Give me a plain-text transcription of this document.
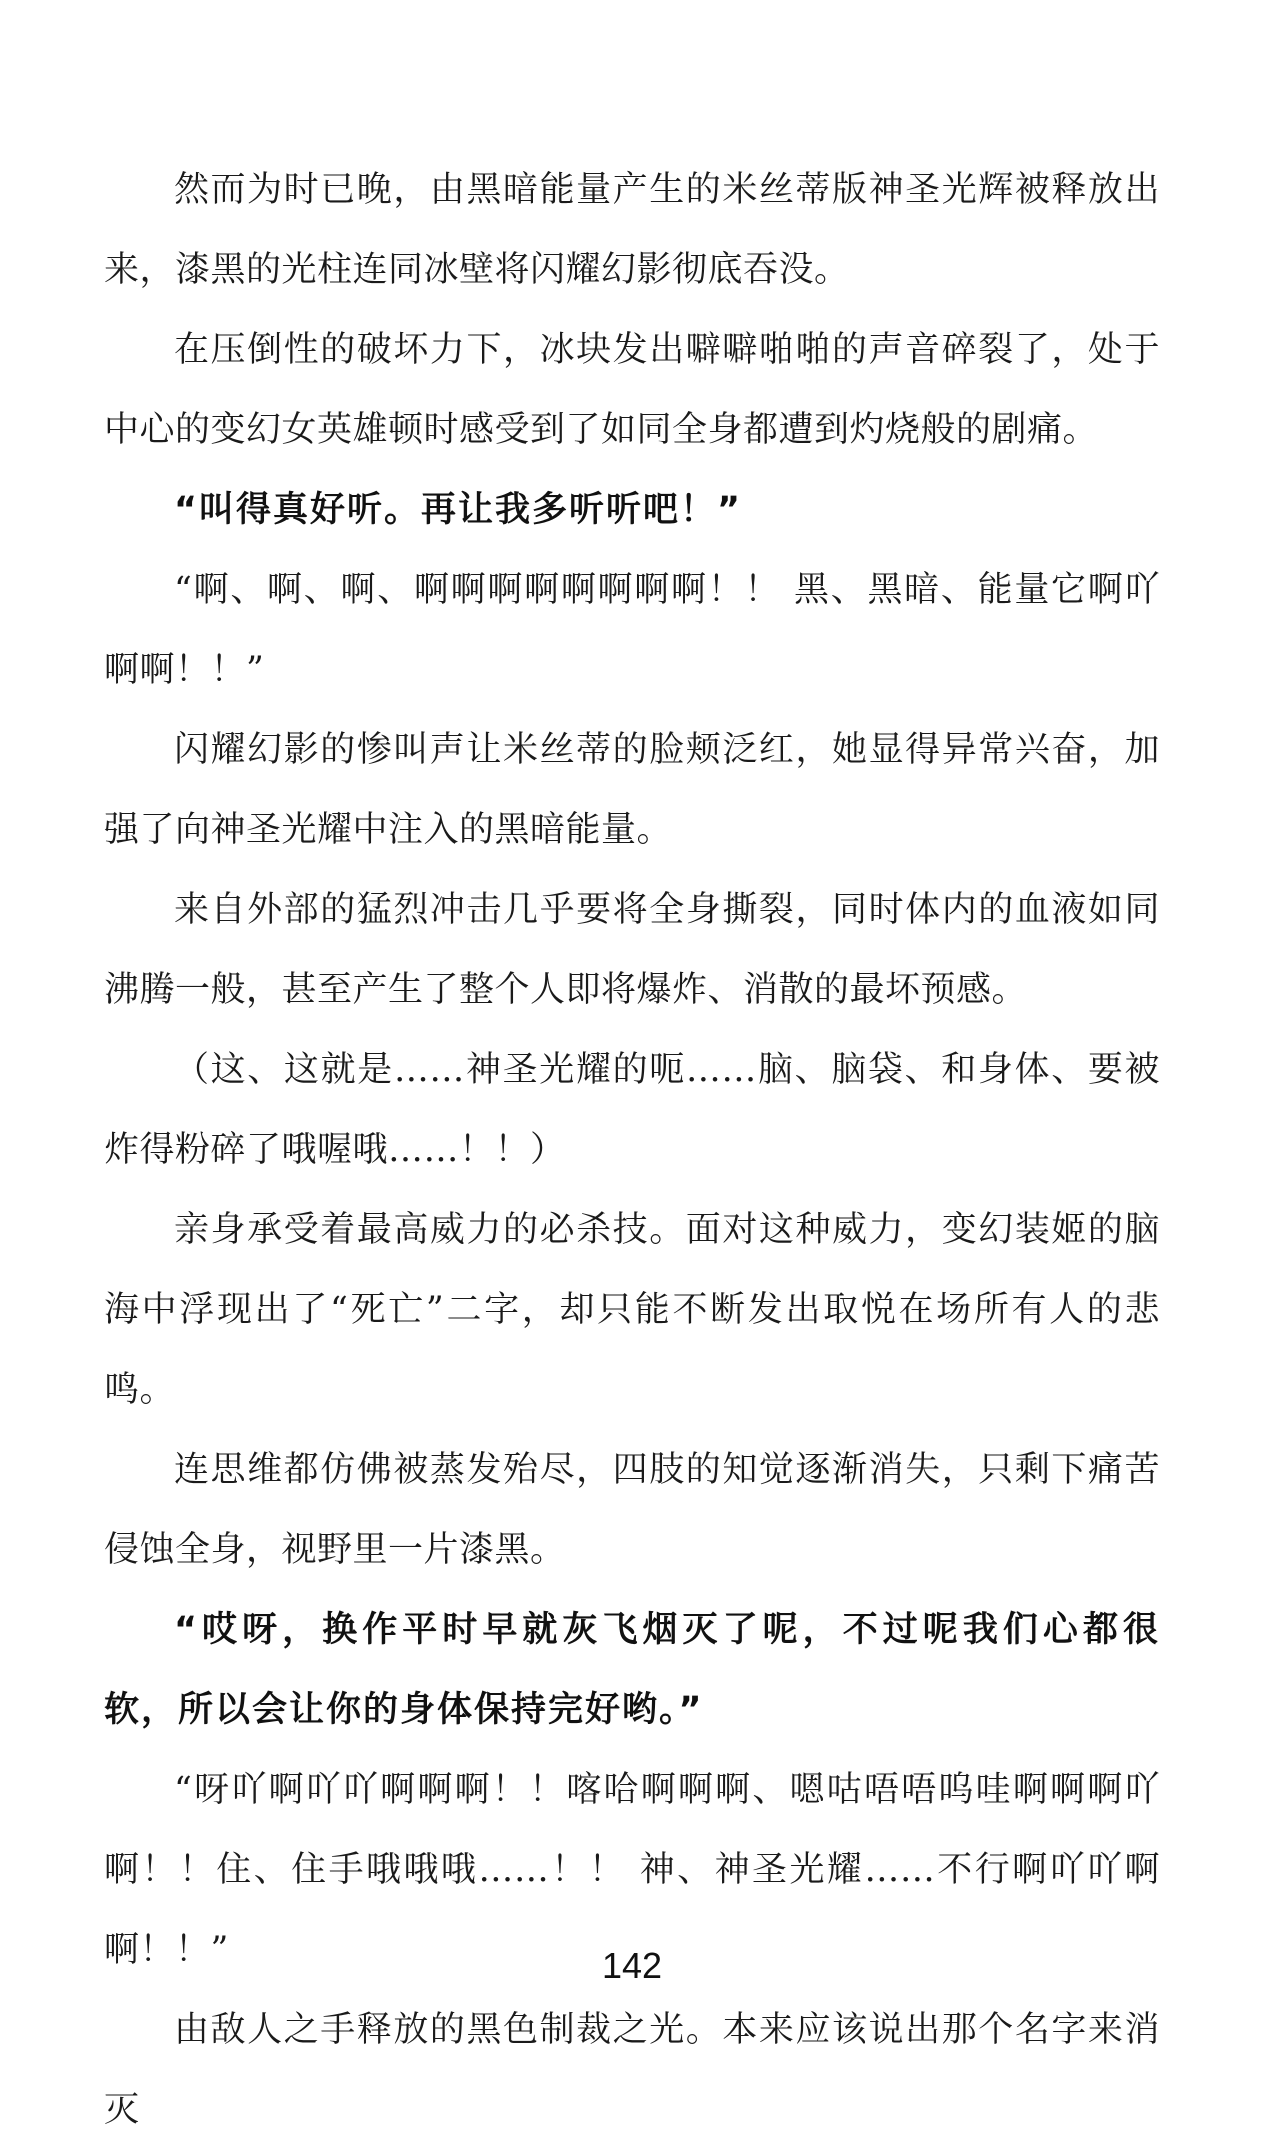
然而为时已晚，由黑暗能量产生的米丝蒂版神圣光辉被释放出来，漆黑的光柱连同冰壁将闪耀幻影彻底吞没。

在压倒性的破坏力下，冰块发出噼噼啪啪的声音碎裂了，处于中心的变幻女英雄顿时感受到了如同全身都遭到灼烧般的剧痛。

“叫得真好听。再让我多听听吧！”

“啊、啊、啊、啊啊啊啊啊啊啊啊！！ 黑、黑暗、能量它啊吖啊啊！！”

闪耀幻影的惨叫声让米丝蒂的脸颊泛红，她显得异常兴奋，加强了向神圣光耀中注入的黑暗能量。

来自外部的猛烈冲击几乎要将全身撕裂，同时体内的血液如同沸腾一般，甚至产生了整个人即将爆炸、消散的最坏预感。

（这、这就是……神圣光耀的呃……脑、脑袋、和身体、要被炸得粉碎了哦喔哦……！！）

亲身承受着最高威力的必杀技。面对这种威力，变幻装姬的脑海中浮现出了“死亡”二字，却只能不断发出取悦在场所有人的悲鸣。

连思维都仿佛被蒸发殆尽，四肢的知觉逐渐消失，只剩下痛苦侵蚀全身，视野里一片漆黑。

“哎呀，换作平时早就灰飞烟灭了呢，不过呢我们心都很软，所以会让你的身体保持完好哟。”

“呀吖啊吖吖啊啊啊！！喀哈啊啊啊、嗯咕唔唔呜哇啊啊啊吖啊！！住、住手哦哦哦……！！ 神、神圣光耀……不行啊吖吖啊啊！！”

由敌人之手释放的黑色制裁之光。本来应该说出那个名字来消灭

142
